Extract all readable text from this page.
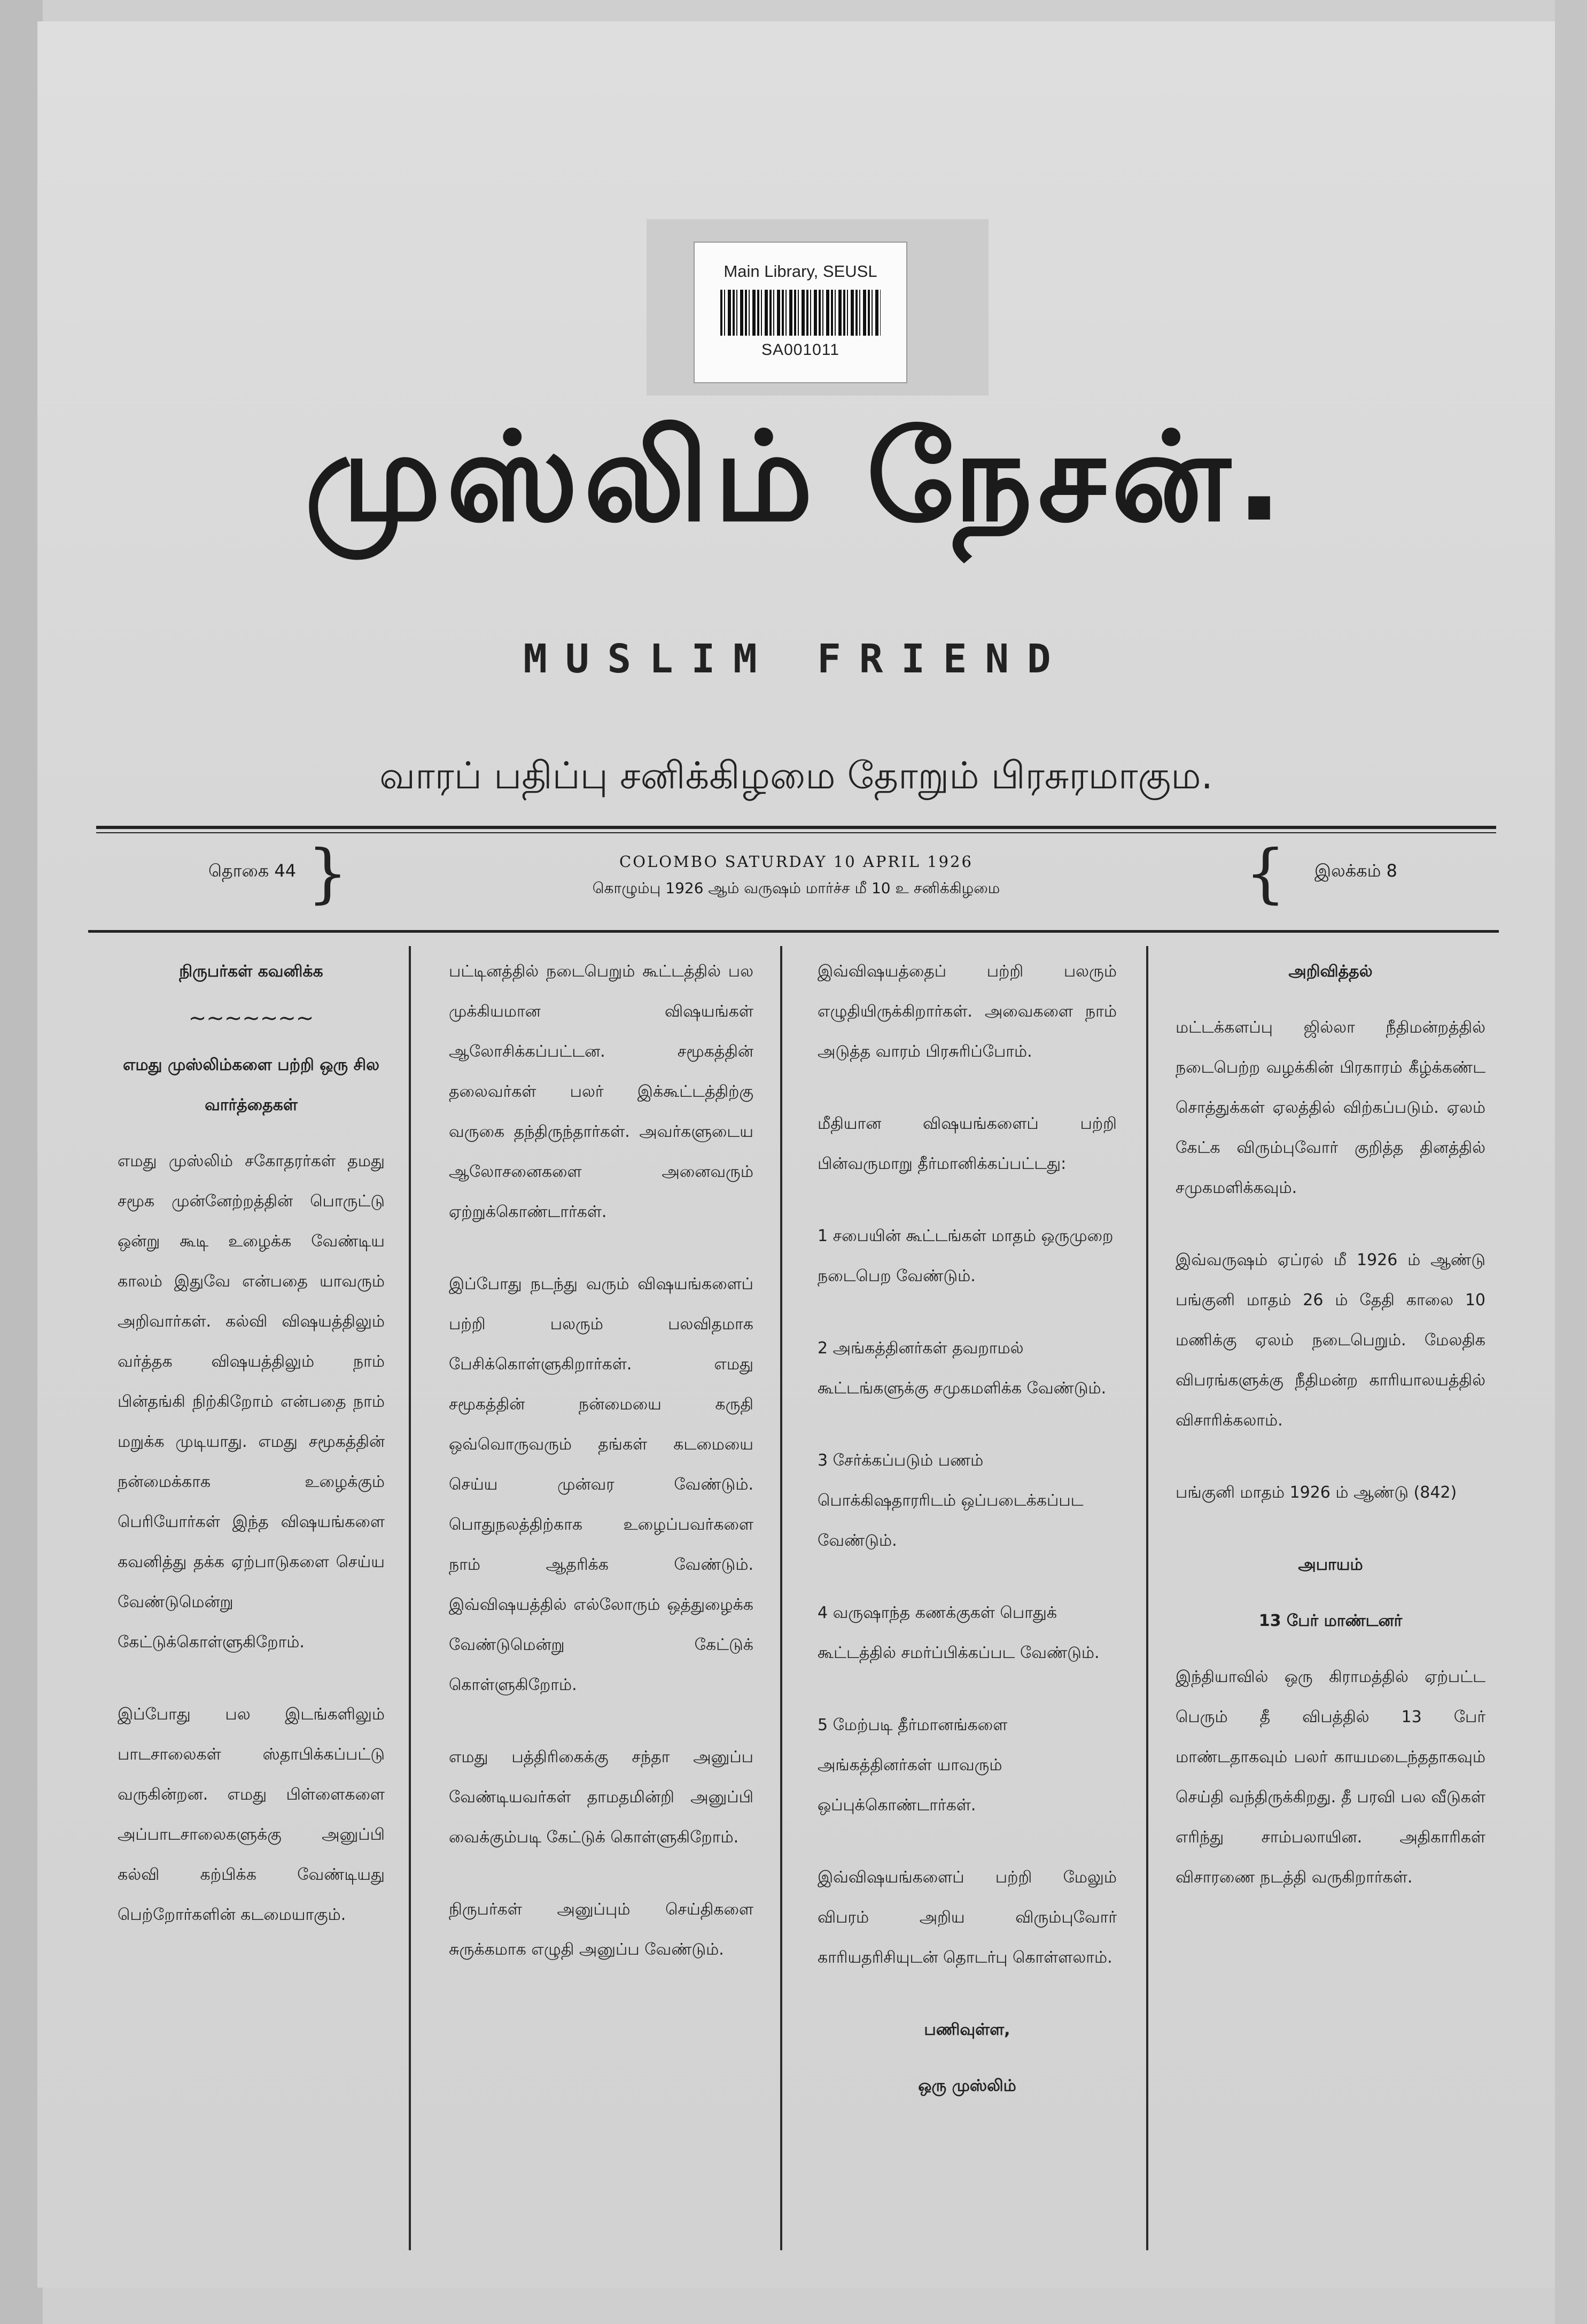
Main Library, SEUSL
SA001011
முஸ்லிம் நேசன்.
MUSLIM FRIEND
வாரப் பதிப்பு சனிக்கிழமை தோறும் பிரசுரமாகும.
தொகை 44 }	COLOMBO SATURDAY 10 APRIL 1926
கொழும்பு 1926 ஆம் வருஷம் மார்ச்ச மீ 10 உ சனிக்கிழமை	{ இலக்கம் 8
நிருபர்கள் கவனிக்க
~~~~~~~

எமது முஸ்லிம்களை பற்றி ஒரு சில வார்த்தைகள்

எமது முஸ்லிம் சகோதரர்கள் தமது சமூக முன்னேற்றத்தின் பொருட்டு ஒன்று கூடி உழைக்க வேண்டிய காலம் இதுவே என்பதை யாவரும் அறிவார்கள். கல்வி விஷயத்திலும் வர்த்தக விஷயத்திலும் நாம் பின்தங்கி நிற்கிறோம் என்பதை நாம் மறுக்க முடியாது. எமது சமூகத்தின் நன்மைக்காக உழைக்கும் பெரியோர்கள் இந்த விஷயங்களை கவனித்து தக்க ஏற்பாடுகளை செய்ய வேண்டுமென்று கேட்டுக்கொள்ளுகிறோம்.

இப்போது பல இடங்களிலும் பாடசாலைகள் ஸ்தாபிக்கப்பட்டு வருகின்றன. எமது பிள்ளைகளை அப்பாடசாலைகளுக்கு அனுப்பி கல்வி கற்பிக்க வேண்டியது பெற்றோர்களின் கடமையாகும்.

பட்டினத்தில் நடைபெறும் கூட்டத்தில் பல முக்கியமான விஷயங்கள் ஆலோசிக்கப்பட்டன. சமூகத்தின் தலைவர்கள் பலர் இக்கூட்டத்திற்கு வருகை தந்திருந்தார்கள். அவர்களுடைய ஆலோசனைகளை அனைவரும் ஏற்றுக்கொண்டார்கள்.

இப்போது நடந்து வரும் விஷயங்களைப் பற்றி பலரும் பலவிதமாக பேசிக்கொள்ளுகிறார்கள். எமது சமூகத்தின் நன்மையை கருதி ஒவ்வொருவரும் தங்கள் கடமையை செய்ய முன்வர வேண்டும். பொதுநலத்திற்காக உழைப்பவர்களை நாம் ஆதரிக்க வேண்டும். இவ்விஷயத்தில் எல்லோரும் ஒத்துழைக்க வேண்டுமென்று கேட்டுக் கொள்ளுகிறோம்.

எமது பத்திரிகைக்கு சந்தா அனுப்ப வேண்டியவர்கள் தாமதமின்றி அனுப்பி வைக்கும்படி கேட்டுக் கொள்ளுகிறோம்.

நிருபர்கள் அனுப்பும் செய்திகளை சுருக்கமாக எழுதி அனுப்ப வேண்டும்.

இவ்விஷயத்தைப் பற்றி பலரும் எழுதியிருக்கிறார்கள். அவைகளை நாம் அடுத்த வாரம் பிரசுரிப்போம்.

மீதியான விஷயங்களைப் பற்றி பின்வருமாறு தீர்மானிக்கப்பட்டது:

1 சபையின் கூட்டங்கள் மாதம் ஒருமுறை நடைபெற வேண்டும்.

2 அங்கத்தினர்கள் தவறாமல் கூட்டங்களுக்கு சமுகமளிக்க வேண்டும்.

3 சேர்க்கப்படும் பணம் பொக்கிஷதாரரிடம் ஒப்படைக்கப்பட வேண்டும்.

4 வருஷாந்த கணக்குகள் பொதுக் கூட்டத்தில் சமர்ப்பிக்கப்பட வேண்டும்.

5 மேற்படி தீர்மானங்களை அங்கத்தினர்கள் யாவரும் ஒப்புக்கொண்டார்கள்.

இவ்விஷயங்களைப் பற்றி மேலும் விபரம் அறிய விரும்புவோர் காரியதரிசியுடன் தொடர்பு கொள்ளலாம்.

பணிவுள்ள,

ஒரு முஸ்லிம்

அறிவித்தல்

மட்டக்களப்பு ஜில்லா நீதிமன்றத்தில் நடைபெற்ற வழக்கின் பிரகாரம் கீழ்க்கண்ட சொத்துக்கள் ஏலத்தில் விற்கப்படும். ஏலம் கேட்க விரும்புவோர் குறித்த தினத்தில் சமுகமளிக்கவும்.

இவ்வருஷம் ஏப்ரல் மீ 1926 ம் ஆண்டு பங்குனி மாதம் 26 ம் தேதி காலை 10 மணிக்கு ஏலம் நடைபெறும். மேலதிக விபரங்களுக்கு நீதிமன்ற காரியாலயத்தில் விசாரிக்கலாம்.

பங்குனி மாதம் 1926 ம் ஆண்டு (842)

அபாயம்
13 பேர் மாண்டனர்

இந்தியாவில் ஒரு கிராமத்தில் ஏற்பட்ட பெரும் தீ விபத்தில் 13 பேர் மாண்டதாகவும் பலர் காயமடைந்ததாகவும் செய்தி வந்திருக்கிறது. தீ பரவி பல வீடுகள் எரிந்து சாம்பலாயின. அதிகாரிகள் விசாரணை நடத்தி வருகிறார்கள்.
